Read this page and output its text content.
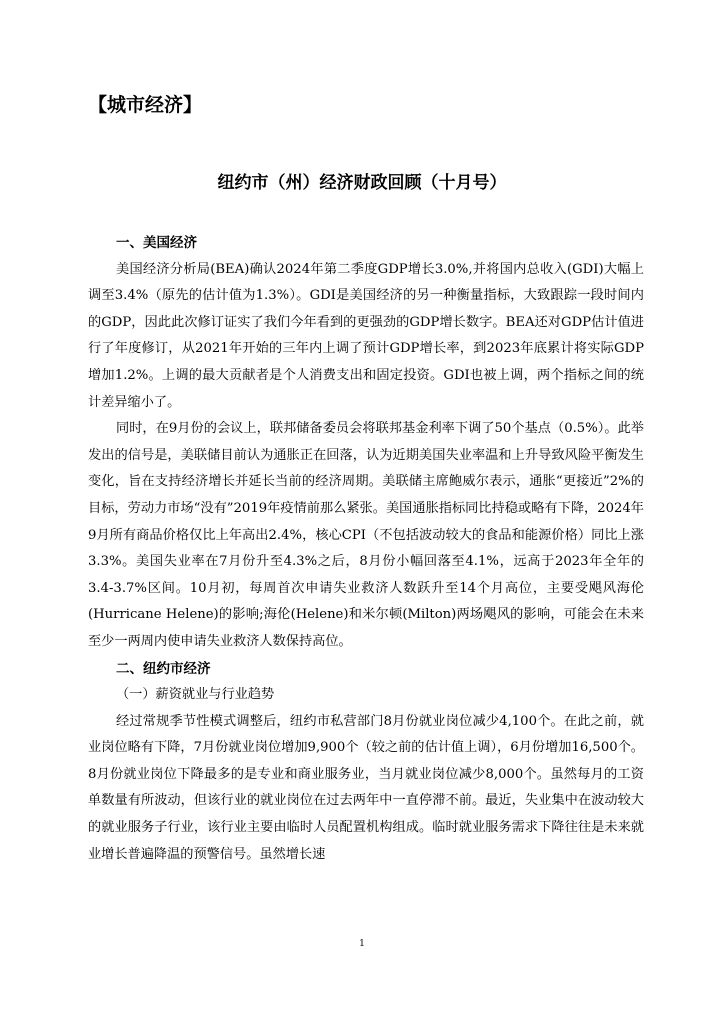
【城市经济】
纽约市（州）经济财政回顾（十月号）

一、美国经济

美国经济分析局(BEA)确认2024年第二季度GDP增长3.0%,并将国内总收入(GDI)大幅上调至3.4%（原先的估计值为1.3%）。GDI是美国经济的另一种衡量指标，大致跟踪一段时间内的GDP，因此此次修订证实了我们今年看到的更强劲的GDP增长数字。BEA还对GDP估计值进行了年度修订，从2021年开始的三年内上调了预计GDP增长率，到2023年底累计将实际GDP增加1.2%。上调的最大贡献者是个人消费支出和固定投资。GDI也被上调，两个指标之间的统计差异缩小了。

同时，在9月份的会议上，联邦储备委员会将联邦基金利率下调了50个基点（0.5%）。此举发出的信号是，美联储目前认为通胀正在回落，认为近期美国失业率温和上升导致风险平衡发生变化，旨在支持经济增长并延长当前的经济周期。美联储主席鲍威尔表示，通胀“更接近”2%的目标，劳动力市场“没有”2019年疫情前那么紧张。美国通胀指标同比持稳或略有下降，2024年9月所有商品价格仅比上年高出2.4%，核心CPI（不包括波动较大的食品和能源价格）同比上涨3.3%。美国失业率在7月份升至4.3%之后，8月份小幅回落至4.1%，远高于2023年全年的3.4-3.7%区间。10月初，每周首次申请失业救济人数跃升至14个月高位，主要受飓风海伦(Hurricane Helene)的影响;海伦(Helene)和米尔顿(Milton)两场飓风的影响，可能会在未来至少一两周内使申请失业救济人数保持高位。

二、纽约市经济

（一）薪资就业与行业趋势

经过常规季节性模式调整后，纽约市私营部门8月份就业岗位减少4,100个。在此之前，就业岗位略有下降，7月份就业岗位增加9,900个（较之前的估计值上调），6月份增加16,500个。8月份就业岗位下降最多的是专业和商业服务业，当月就业岗位减少8,000个。虽然每月的工资单数量有所波动，但该行业的就业岗位在过去两年中一直停滞不前。最近，失业集中在波动较大的就业服务子行业，该行业主要由临时人员配置机构组成。临时就业服务需求下降往往是未来就业增长普遍降温的预警信号。虽然增长速

1
